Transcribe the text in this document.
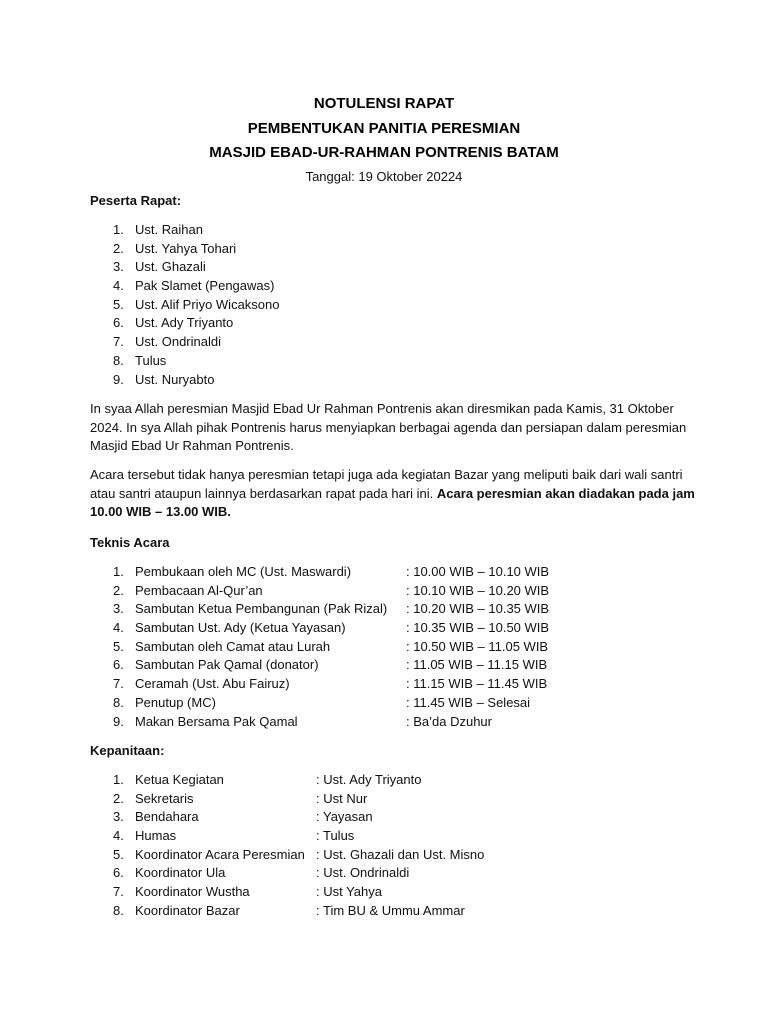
NOTULENSI RAPAT
PEMBENTUKAN PANITIA PERESMIAN
MASJID EBAD-UR-RAHMAN PONTRENIS BATAM
Tanggal: 19 Oktober 20224

Peserta Rapat:

1. Ust. Raihan
2. Ust. Yahya Tohari
3. Ust. Ghazali
4. Pak Slamet (Pengawas)
5. Ust. Alif Priyo Wicaksono
6. Ust. Ady Triyanto
7. Ust. Ondrinaldi
8. Tulus
9. Ust. Nuryabto
In syaa Allah peresmian Masjid Ebad Ur Rahman Pontrenis akan diresmikan pada Kamis, 31 Oktober
2024. In sya Allah pihak Pontrenis harus menyiapkan berbagai agenda dan persiapan dalam peresmian
Masjid Ebad Ur Rahman Pontrenis.
Acara tersebut tidak hanya peresmian tetapi juga ada kegiatan Bazar yang meliputi baik dari wali santri
atau santri ataupun lainnya berdasarkan rapat pada hari ini. Acara peresmian akan diadakan pada jam
10.00 WIB – 13.00 WIB.

Teknis Acara

1. Pembukaan oleh MC (Ust. Maswardi)	: 10.00 WIB – 10.10 WIB
2. Pembacaan Al-Qur’an	: 10.10 WIB – 10.20 WIB
3. Sambutan Ketua Pembangunan (Pak Rizal) : 10.20 WIB – 10.35 WIB
4. Sambutan Ust. Ady (Ketua Yayasan)	: 10.35 WIB – 10.50 WIB
5. Sambutan oleh Camat atau Lurah	: 10.50 WIB – 11.05 WIB
6. Sambutan Pak Qamal (donator)	: 11.05 WIB – 11.15 WIB
7. Ceramah (Ust. Abu Fairuz)	: 11.15 WIB – 11.45 WIB
8. Penutup (MC)	: 11.45 WIB – Selesai
9. Makan Bersama Pak Qamal	: Ba’da Dzuhur

Kepanitaan:

1. Ketua Kegiatan	: Ust. Ady Triyanto
2. Sekretaris	: Ust Nur
3. Bendahara	: Yayasan
4. Humas	: Tulus
5. Koordinator Acara Peresmian : Ust. Ghazali dan Ust. Misno
6. Koordinator Ula	: Ust. Ondrinaldi
7. Koordinator Wustha	: Ust Yahya
8. Koordinator Bazar	: Tim BU & Ummu Ammar
